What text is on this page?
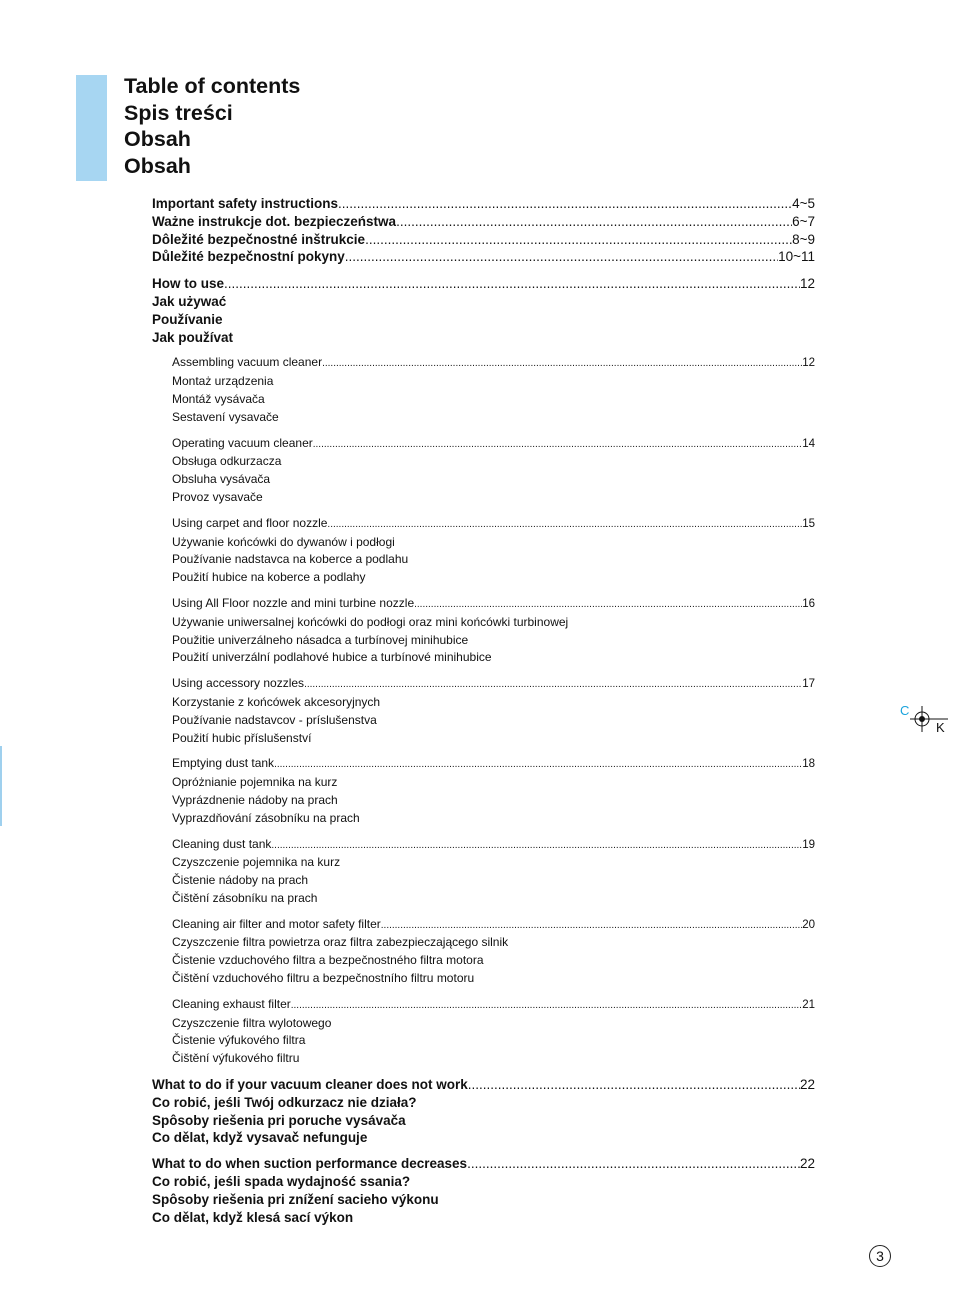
Table of contents
Spis treści
Obsah
Obsah
Important safety instructions .....	4~5
Ważne instrukcje dot. bezpieczeństwa .....	6~7
Dôležité bezpečnostné inštrukcie .....	8~9
Důležité bezpečnostní pokyny .....	10~11
How to use .....	12
Jak używać
Používanie
Jak používat
Assembling vacuum cleaner .....	12
Montaż urządzenia
Montáž vysávača
Sestavení vysavače
Operating vacuum cleaner .....	14
Obsługa odkurzacza
Obsluha vysávača
Provoz vysavače
Using carpet and floor nozzle .....	15
Używanie końcówki do dywanów i podłogi
Používanie nadstavca na koberce a podlahu
Použití hubice na koberce a podlahy
Using All Floor nozzle and mini turbine nozzle .....	16
Używanie uniwersalnej końcówki do podłogi oraz mini końcówki turbinowej
Použitie univerzálneho násadca a turbínovej minihubice
Použití univerzální podlahové hubice a turbínové minihubice
Using accessory nozzles .....	17
Korzystanie z końcówek akcesoryjnych
Používanie nadstavcov - príslušenstva
Použití hubic příslušenství
Emptying dust tank .....	18
Opróżnianie pojemnika na kurz
Vyprázdnenie nádoby na prach
Vyprazdňování zásobníku na prach
Cleaning dust tank .....	19
Czyszczenie pojemnika na kurz
Čistenie nádoby na prach
Čištění zásobníku na prach
Cleaning air filter and motor safety filter .....	20
Czyszczenie filtra powietrza oraz filtra zabezpieczającego silnik
Čistenie vzduchového filtra a bezpečnostného filtra motora
Čištění vzduchového filtru a bezpečnostního filtru motoru
Cleaning exhaust filter .....	21
Czyszczenie filtra wylotowego
Čistenie výfukového filtra
Čištění výfukového filtru
What to do if your vacuum cleaner does not work .....	22
Co robić, jeśli Twój odkurzacz nie działa?
Spôsoby riešenia pri poruche vysávača
Co dělat, když vysavač nefunguje
What to do when suction performance decreases .....	22
Co robić, jeśli spada wydajność ssania?
Spôsoby riešenia pri znížení sacieho výkonu
Co dělat, když klesá sací výkon
C
K
3
